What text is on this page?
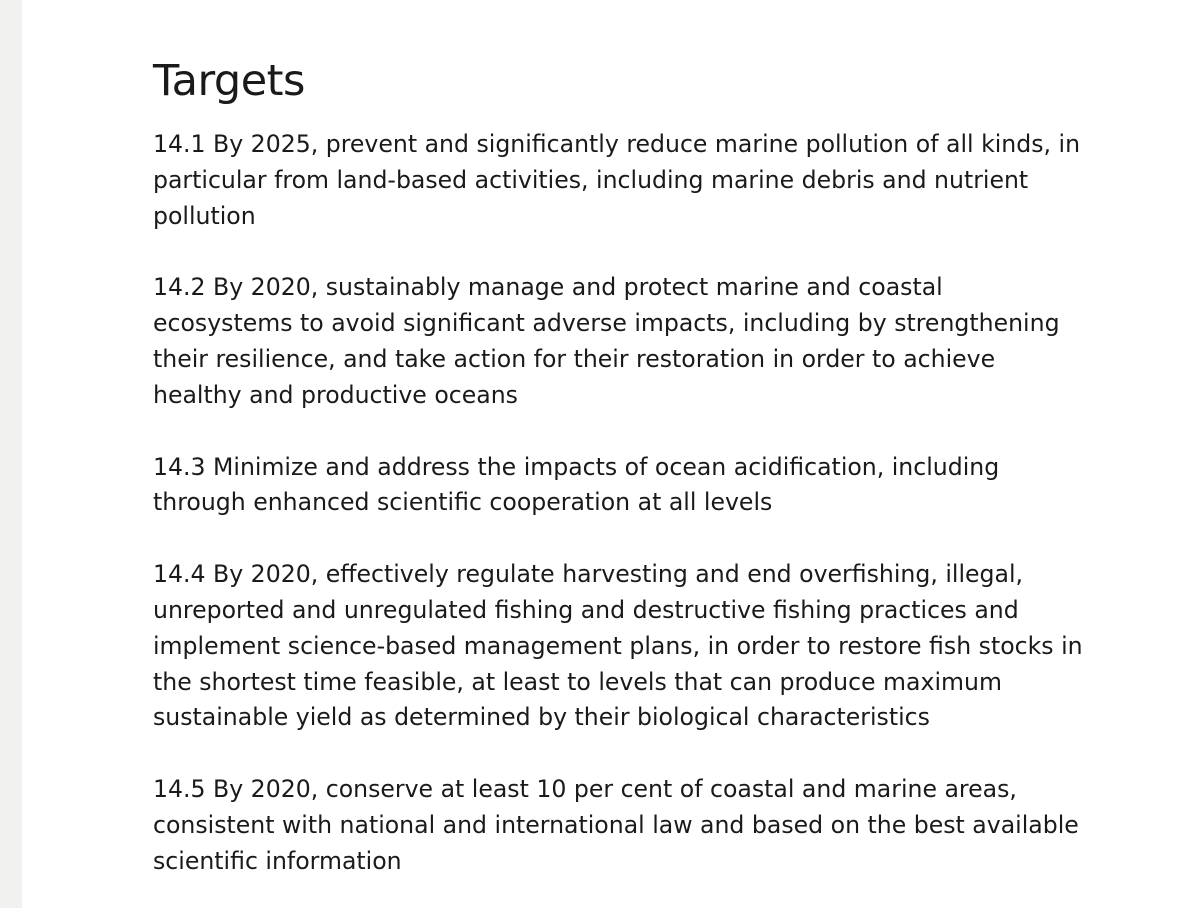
Targets
14.1 By 2025, prevent and significantly reduce marine pollution of all kinds, in particular from land-based activities, including marine debris and nutrient pollution
14.2 By 2020, sustainably manage and protect marine and coastal ecosystems to avoid significant adverse impacts, including by strengthening their resilience, and take action for their restoration in order to achieve healthy and productive oceans
14.3 Minimize and address the impacts of ocean acidification, including through enhanced scientific cooperation at all levels
14.4 By 2020, effectively regulate harvesting and end overfishing, illegal, unreported and unregulated fishing and destructive fishing practices and implement science-based management plans, in order to restore fish stocks in the shortest time feasible, at least to levels that can produce maximum sustainable yield as determined by their biological characteristics
14.5 By 2020, conserve at least 10 per cent of coastal and marine areas, consistent with national and international law and based on the best available scientific information
